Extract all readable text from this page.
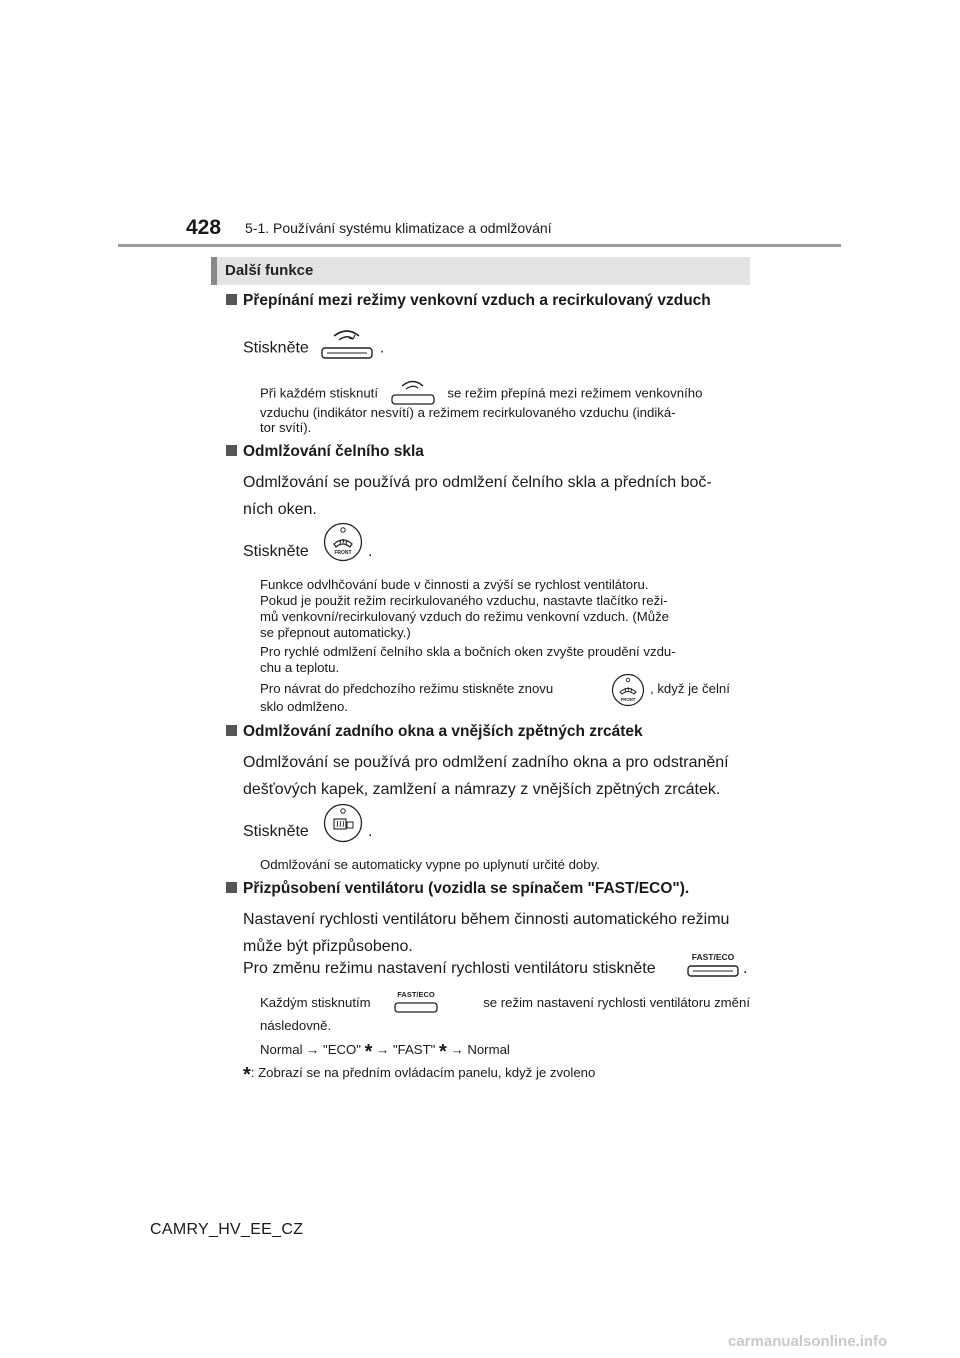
428 5-1. Používání systému klimatizace a odmlžování
Další funkce
Přepínání mezi režimy venkovní vzduch a recirkulovaný vzduch
Stiskněte	.
Při každém stisknutí	se režim přepíná mezi režimem venkovního
vzduchu (indikátor nesvítí) a režimem recirkulovaného vzduchu (indiká-
tor svítí).
Odmlžování čelního skla
Odmlžování se používá pro odmlžení čelního skla a předních boč-
ních oken.
Stiskněte	FRONT .
Funkce odvlhčování bude v činnosti a zvýší se rychlost ventilátoru.
Pokud je použit režim recirkulovaného vzduchu, nastavte tlačítko reži-
mů venkovní/recirkulovaný vzduch do režimu venkovní vzduch. (Může
se přepnout automaticky.)
Pro rychlé odmlžení čelního skla a bočních oken zvyšte proudění vzdu-
chu a teplotu.
Pro návrat do předchozího režimu stiskněte znovu
FRONT
, když je čelní
sklo odmlženo.
Odmlžování zadního okna a vnějších zpětných zrcátek
Odmlžování se používá pro odmlžení zadního okna a pro odstranění
dešťových kapek, zamlžení a námrazy z vnějších zpětných zrcátek.
Stiskněte	.
Odmlžování se automaticky vypne po uplynutí určité doby.
Přizpůsobení ventilátoru (vozidla se spínačem "FAST/ECO").
Nastavení rychlosti ventilátoru během činnosti automatického režimu
může být přizpůsobeno.
Pro změnu režimu nastavení rychlosti ventilátoru stiskněte
FAST/ECO
.
Každým stisknutím
FAST/ECO
se režim nastavení rychlosti ventilátoru změní
následovně.
Normal → "ECO" * → "FAST" * → Normal
*: Zobrazí se na předním ovládacím panelu, když je zvoleno
CAMRY_HV_EE_CZ
carmanualsonline.info
